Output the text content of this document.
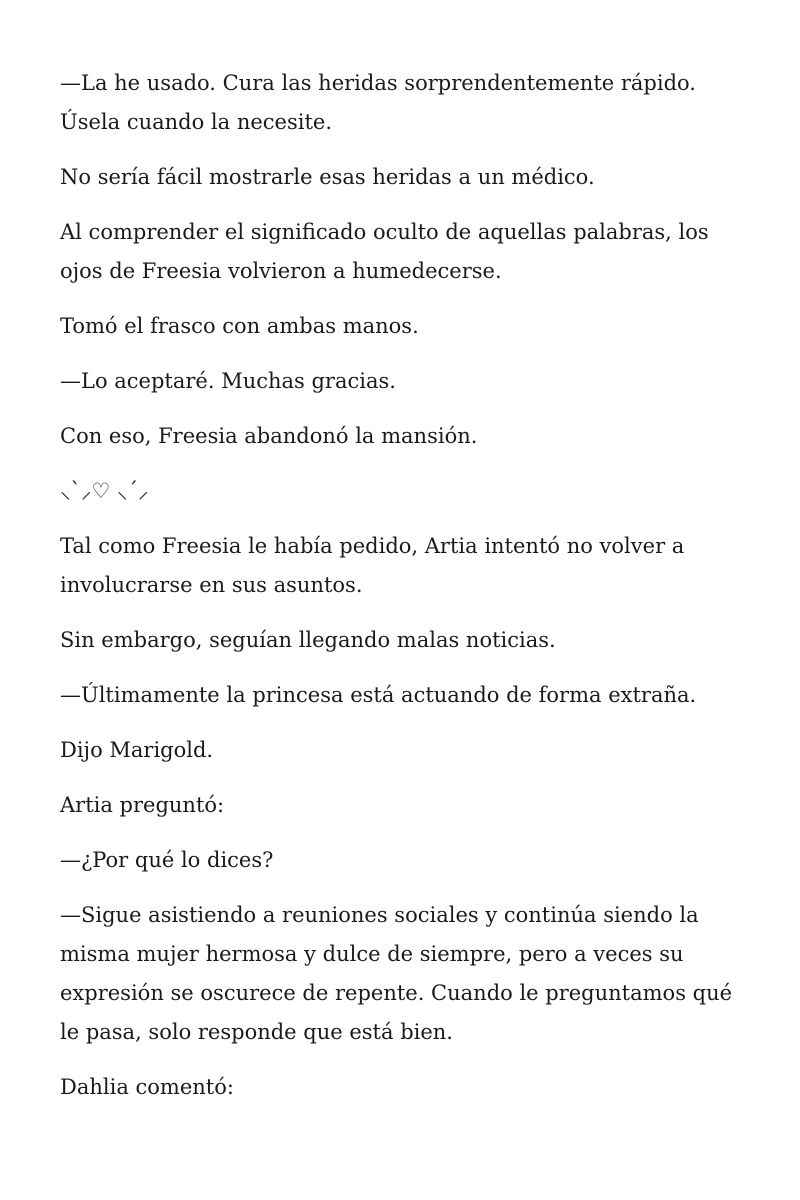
—La he usado. Cura las heridas sorprendentemente rápido. Úsela cuando la necesite.

No sería fácil mostrarle esas heridas a un médico.

Al comprender el significado oculto de aquellas palabras, los ojos de Freesia volvieron a humedecerse.

Tomó el frasco con ambas manos.

—Lo aceptaré. Muchas gracias.

Con eso, Freesia abandonó la mansión.

⸜`⸝♡ ⸜´⸝

Tal como Freesia le había pedido, Artia intentó no volver a involucrarse en sus asuntos.

Sin embargo, seguían llegando malas noticias.

—Últimamente la princesa está actuando de forma extraña.

Dijo Marigold.

Artia preguntó:

—¿Por qué lo dices?

—Sigue asistiendo a reuniones sociales y continúa siendo la misma mujer hermosa y dulce de siempre, pero a veces su expresión se oscurece de repente. Cuando le preguntamos qué le pasa, solo responde que está bien.

Dahlia comentó:
